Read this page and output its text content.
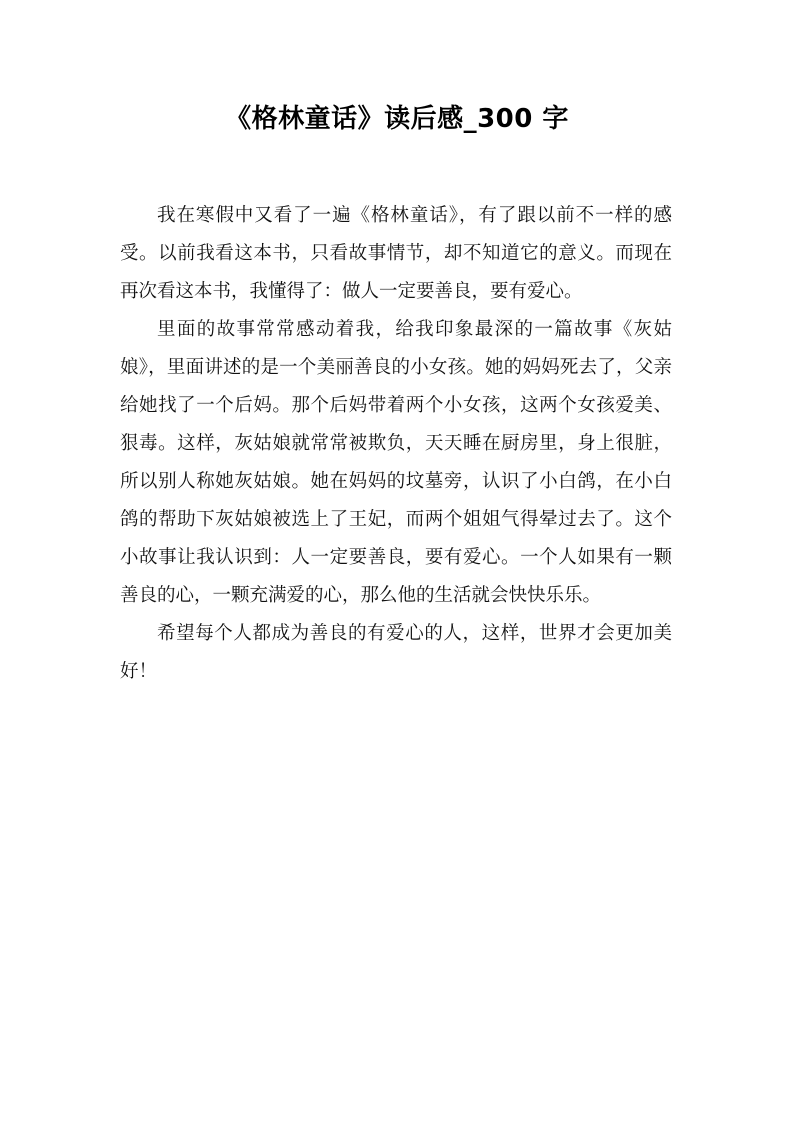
《格林童话》读后感_300 字

我在寒假中又看了一遍《格林童话》，有了跟以前不一样的感受。以前我看这本书，只看故事情节，却不知道它的意义。而现在再次看这本书，我懂得了：做人一定要善良，要有爱心。

里面的故事常常感动着我，给我印象最深的一篇故事《灰姑娘》，里面讲述的是一个美丽善良的小女孩。她的妈妈死去了，父亲给她找了一个后妈。那个后妈带着两个小女孩，这两个女孩爱美、狠毒。这样，灰姑娘就常常被欺负，天天睡在厨房里，身上很脏，所以别人称她灰姑娘。她在妈妈的坟墓旁，认识了小白鸽，在小白鸽的帮助下灰姑娘被选上了王妃，而两个姐姐气得晕过去了。这个小故事让我认识到：人一定要善良，要有爱心。一个人如果有一颗善良的心，一颗充满爱的心，那么他的生活就会快快乐乐。

希望每个人都成为善良的有爱心的人，这样，世界才会更加美好！
